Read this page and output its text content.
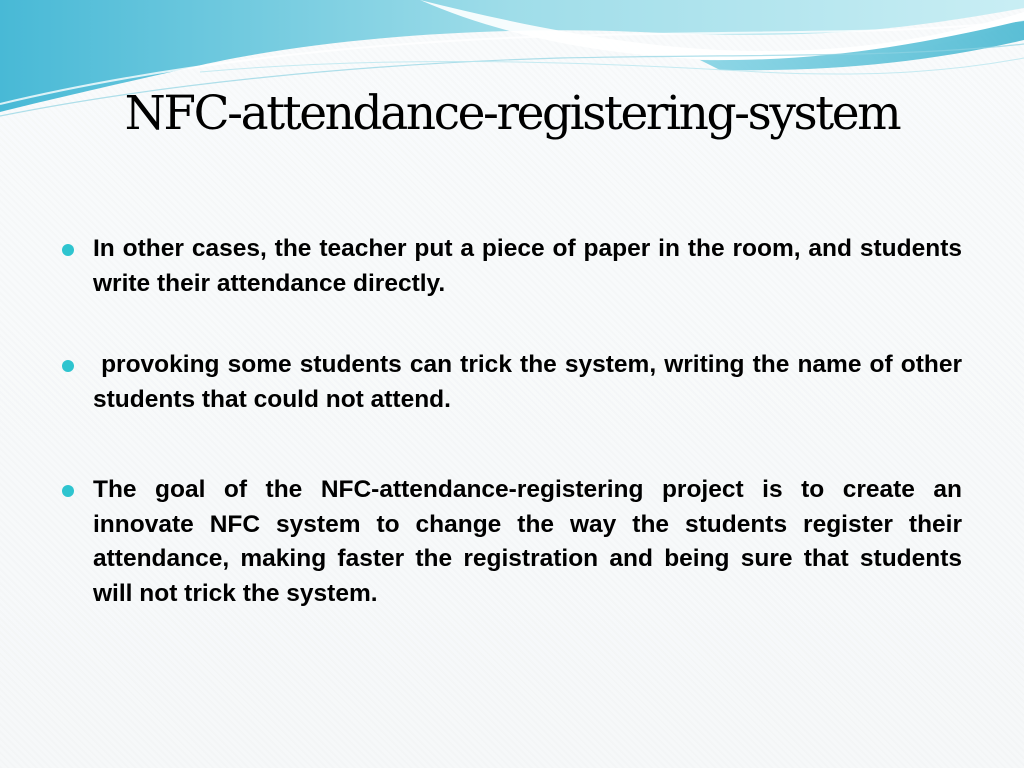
NFC-attendance-registering-system
In other cases, the teacher put a piece of paper in the room, and students write their attendance directly.
provoking some students can trick the system, writing the name of other students that could not attend.
The goal of the NFC-attendance-registering project is to create an innovate NFC system to change the way the students register their attendance, making faster the registration and being sure that students will not trick the system.
